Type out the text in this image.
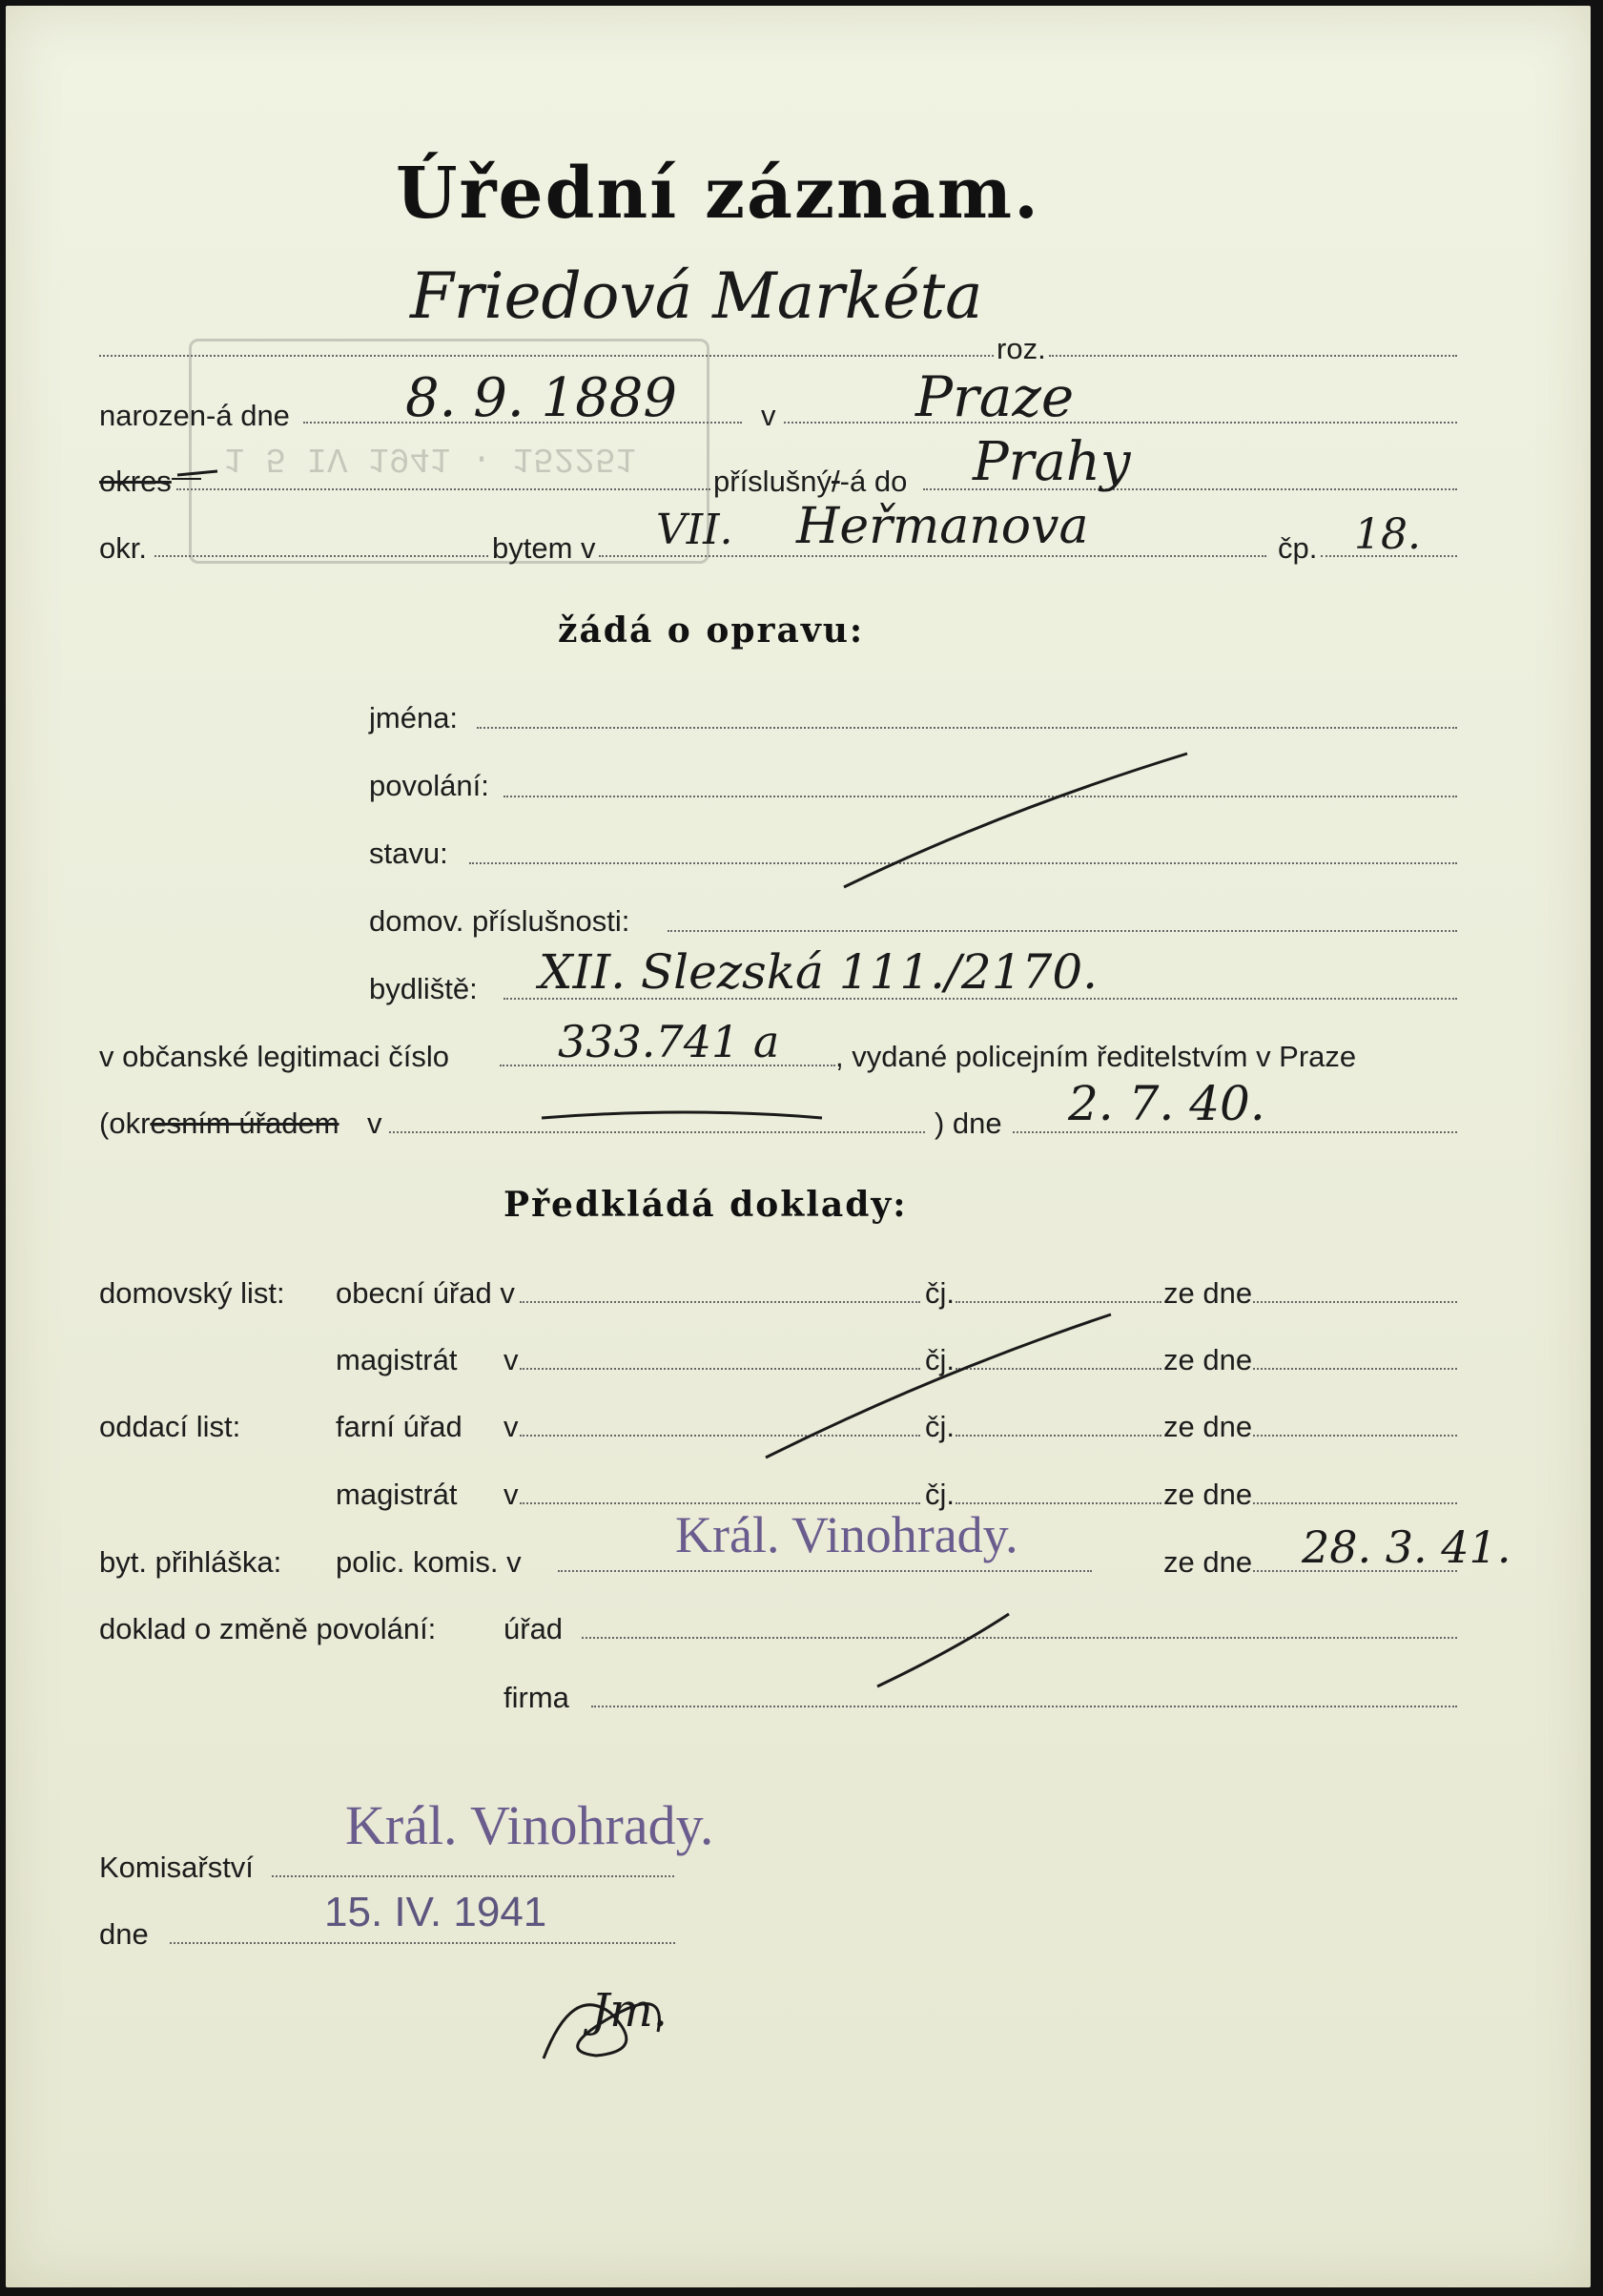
1 5 IV 1941 · 152251
Úřední záznam.
Friedová Markéta
roz.
narozen-á dne 8. 9. 1889	v	Praze
okres —	příslušný/-á do Prahy
okr.	bytem v VII. Heřmanova	čp. 18.
žádá o opravu:
jména:
povolání:
stavu:
domov. příslušnosti:
bydliště: XII. Slezská 111./2170.
v občanské legitimaci číslo 333.741 a , vydané policejním ředitelstvím v Praze
(okresním úřadem v	) dne 2. 7. 40.
Předkládá doklady:
domovský list: obecní úřad v	čj.	ze dne
magistrát v	čj.	ze dne
oddací list:	farní úřad v	čj.	ze dne
magistrát v	čj.	ze dne
byt. přihláška: polic. komis. v	Král. Vinohrady.	ze dne 28. 3. 41.
doklad o změně povolání: úřad
firma
Král. Vinohrady.
Komisařství
15. IV. 1941
dne
Jm.
